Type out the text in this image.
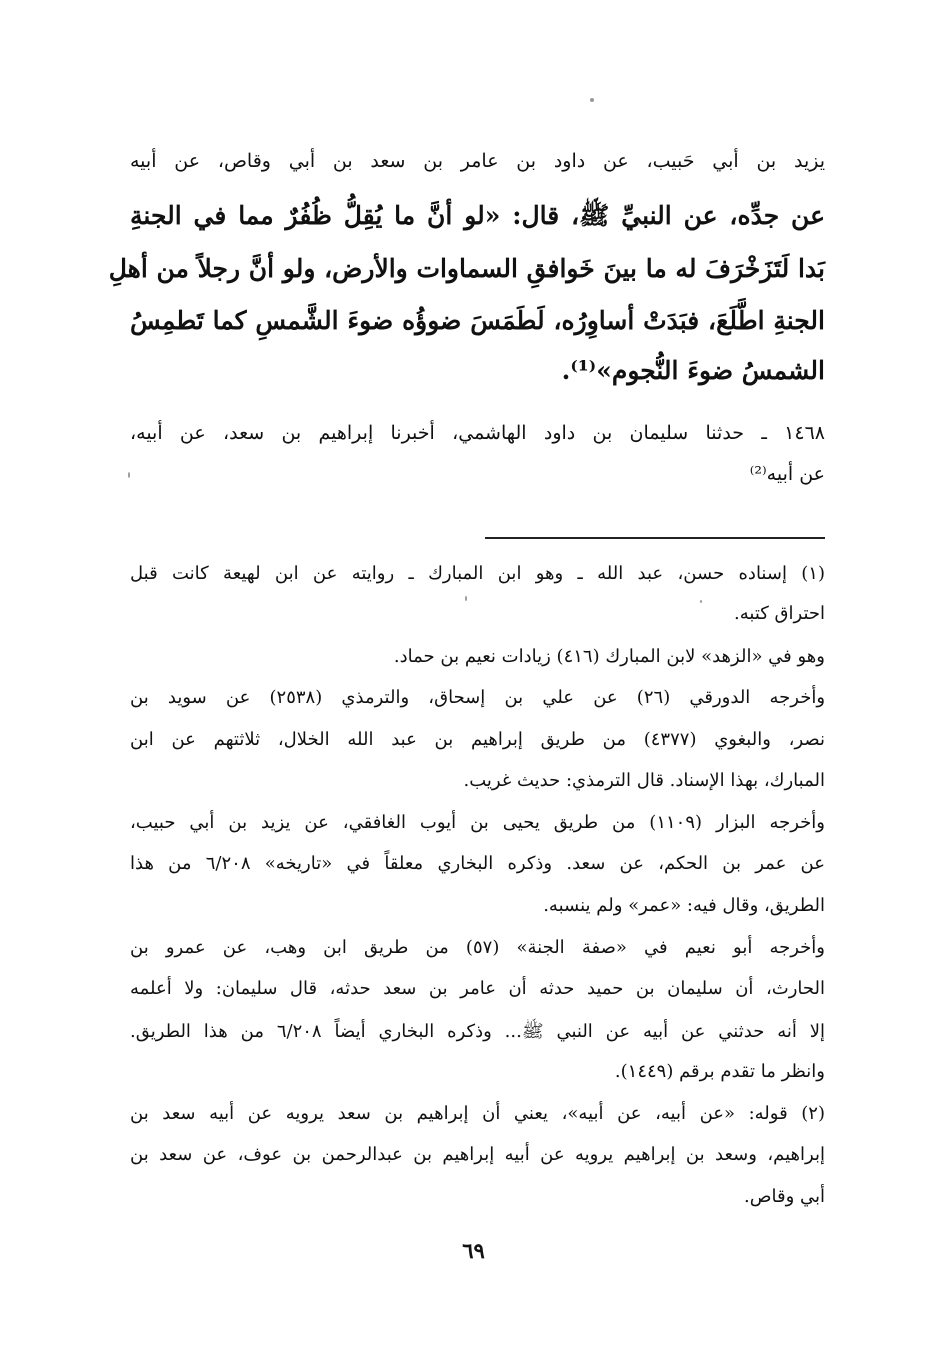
يزيد بن أبي حَبيب، عن داود بن عامر بن سعد بن أبي وقاص، عن أبيه
عن جدِّه، عن النبيِّ ﷺ، قال: «لو أنَّ ما يُقِلُّ ظُفُرٌ مما في الجنةِ
بَدا لَتَزَخْرَفَ له ما بينَ خَوافقِ السماوات والأرض، ولو أنَّ رجلاً من أهلِ
الجنةِ اطَّلَعَ، فبَدَتْ أساوِرُه، لَطَمَسَ ضوؤُه ضوءَ الشَّمسِ كما تَطمِسُ
الشمسُ ضوءَ النُّجوم»⁽¹⁾.
١٤٦٨ ـ حدثنا سليمان بن داود الهاشمي، أخبرنا إبراهيم بن سعد، عن أبيه،
عن أبيه⁽²⁾
(١) إسناده حسن، عبد الله ـ وهو ابن المبارك ـ روايته عن ابن لهيعة كانت قبل
احتراق كتبه.
وهو في «الزهد» لابن المبارك (٤١٦) زيادات نعيم بن حماد.
وأخرجه الدورقي (٢٦) عن علي بن إسحاق، والترمذي (٢٥٣٨) عن سويد بن
نصر، والبغوي (٤٣٧٧) من طريق إبراهيم بن عبد الله الخلال، ثلاثتهم عن ابن
المبارك، بهذا الإسناد. قال الترمذي: حديث غريب.
وأخرجه البزار (١١٠٩) من طريق يحيى بن أيوب الغافقي، عن يزيد بن أبي حبيب،
عن عمر بن الحكم، عن سعد. وذكره البخاري معلقاً في «تاريخه» ٦/٢٠٨ من هذا
الطريق، وقال فيه: «عمر» ولم ينسبه.
وأخرجه أبو نعيم في «صفة الجنة» (٥٧) من طريق ابن وهب، عن عمرو بن
الحارث، أن سليمان بن حميد حدثه أن عامر بن سعد حدثه، قال سليمان: ولا أعلمه
إلا أنه حدثني عن أبيه عن النبي ﷺ... وذكره البخاري أيضاً ٦/٢٠٨ من هذا الطريق.
وانظر ما تقدم برقم (١٤٤٩).
(٢) قوله: «عن أبيه، عن أبيه»، يعني أن إبراهيم بن سعد يرويه عن أبيه سعد بن
إبراهيم، وسعد بن إبراهيم يرويه عن أبيه إبراهيم بن عبدالرحمن بن عوف، عن سعد بن
أبي وقاص.
٦٩
